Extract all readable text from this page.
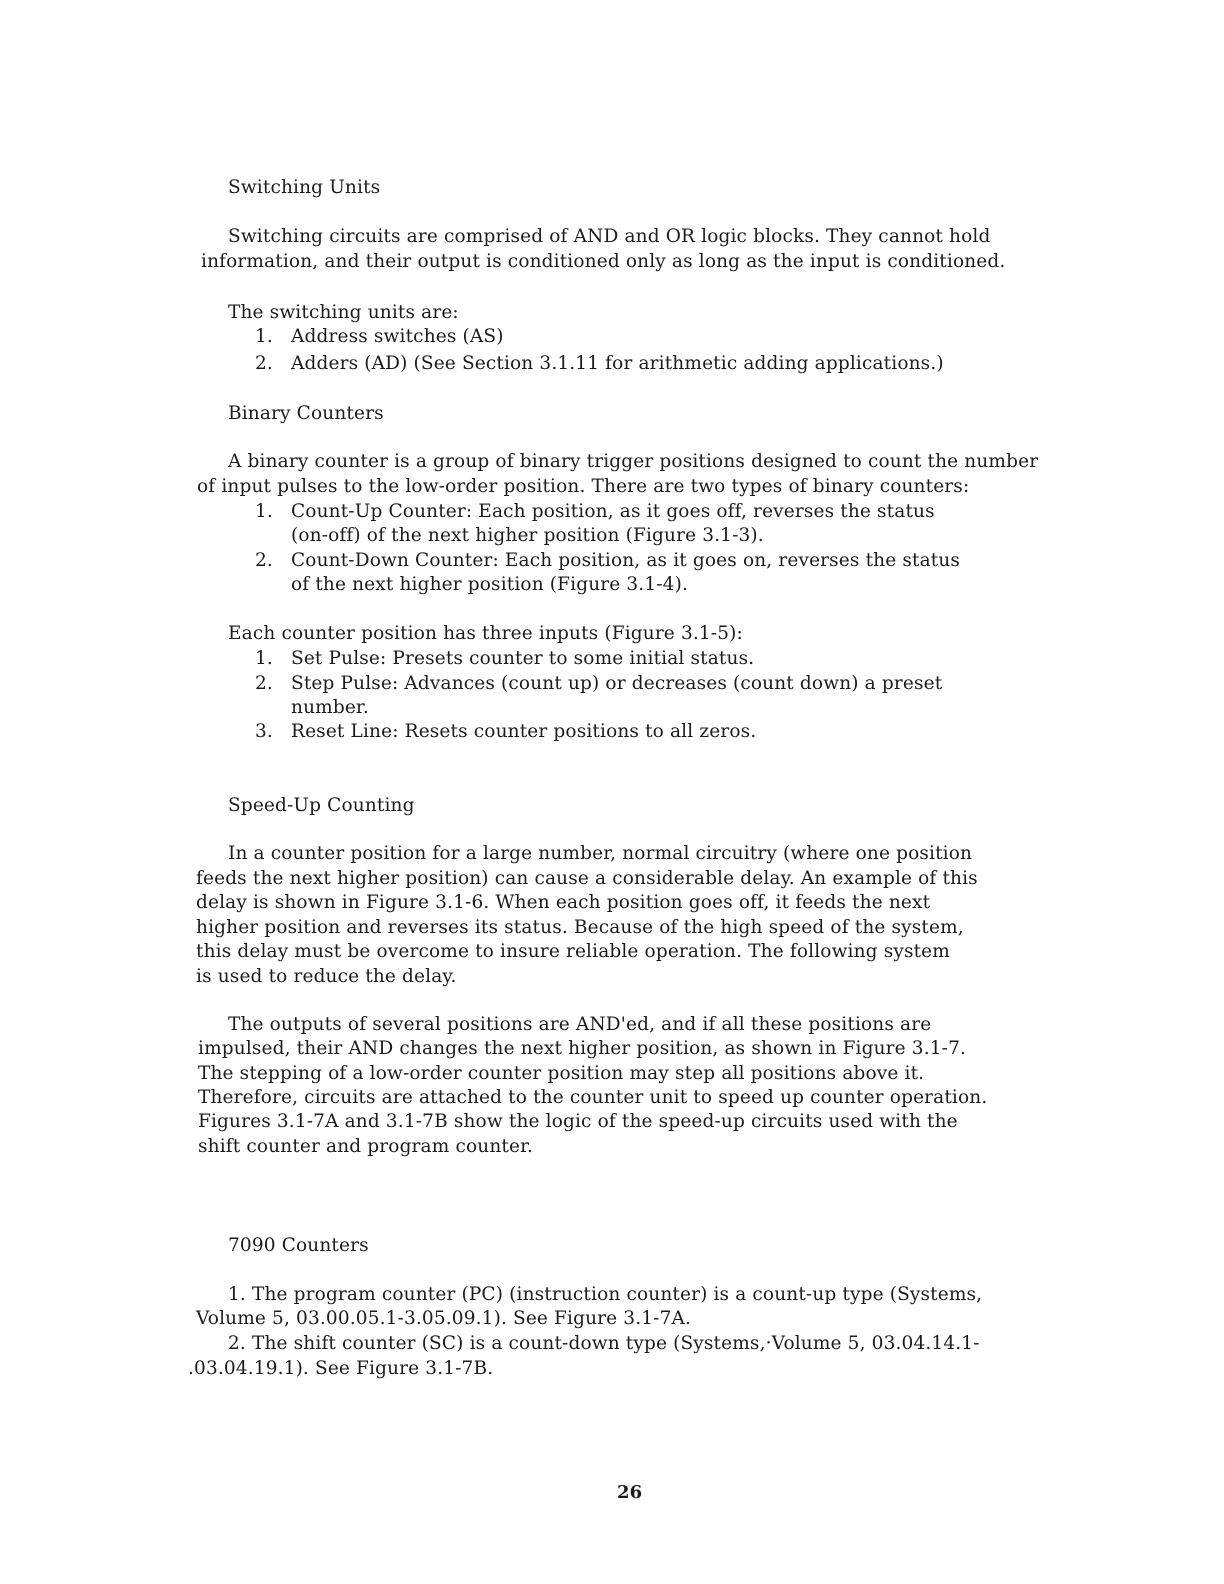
Switching Units
Switching circuits are comprised of AND and OR logic blocks. They cannot hold
information, and their output is conditioned only as long as the input is conditioned.
The switching units are:
1. Address switches (AS)
2. Adders (AD) (See Section 3.1.11 for arithmetic adding applications.)
Binary Counters
A binary counter is a group of binary trigger positions designed to count the number
of input pulses to the low-order position. There are two types of binary counters:
1. Count-Up Counter: Each position, as it goes off, reverses the status
(on-off) of the next higher position (Figure 3.1-3).
2. Count-Down Counter: Each position, as it goes on, reverses the status
of the next higher position (Figure 3.1-4).
Each counter position has three inputs (Figure 3.1-5):
1. Set Pulse: Presets counter to some initial status.
2. Step Pulse: Advances (count up) or decreases (count down) a preset
number.
3. Reset Line: Resets counter positions to all zeros.
Speed-Up Counting
In a counter position for a large number, normal circuitry (where one position
feeds the next higher position) can cause a considerable delay. An example of this
delay is shown in Figure 3.1-6. When each position goes off, it feeds the next
higher position and reverses its status. Because of the high speed of the system,
this delay must be overcome to insure reliable operation. The following system
is used to reduce the delay.
The outputs of several positions are AND'ed, and if all these positions are
impulsed, their AND changes the next higher position, as shown in Figure 3.1-7.
The stepping of a low-order counter position may step all positions above it.
Therefore, circuits are attached to the counter unit to speed up counter operation.
Figures 3.1-7A and 3.1-7B show the logic of the speed-up circuits used with the
shift counter and program counter.
7090 Counters
1. The program counter (PC) (instruction counter) is a count-up type (Systems,
Volume 5, 03.00.05.1-3.05.09.1). See Figure 3.1-7A.
2. The shift counter (SC) is a count-down type (Systems,·Volume 5, 03.04.14.1-
.03.04.19.1). See Figure 3.1-7B.
26
